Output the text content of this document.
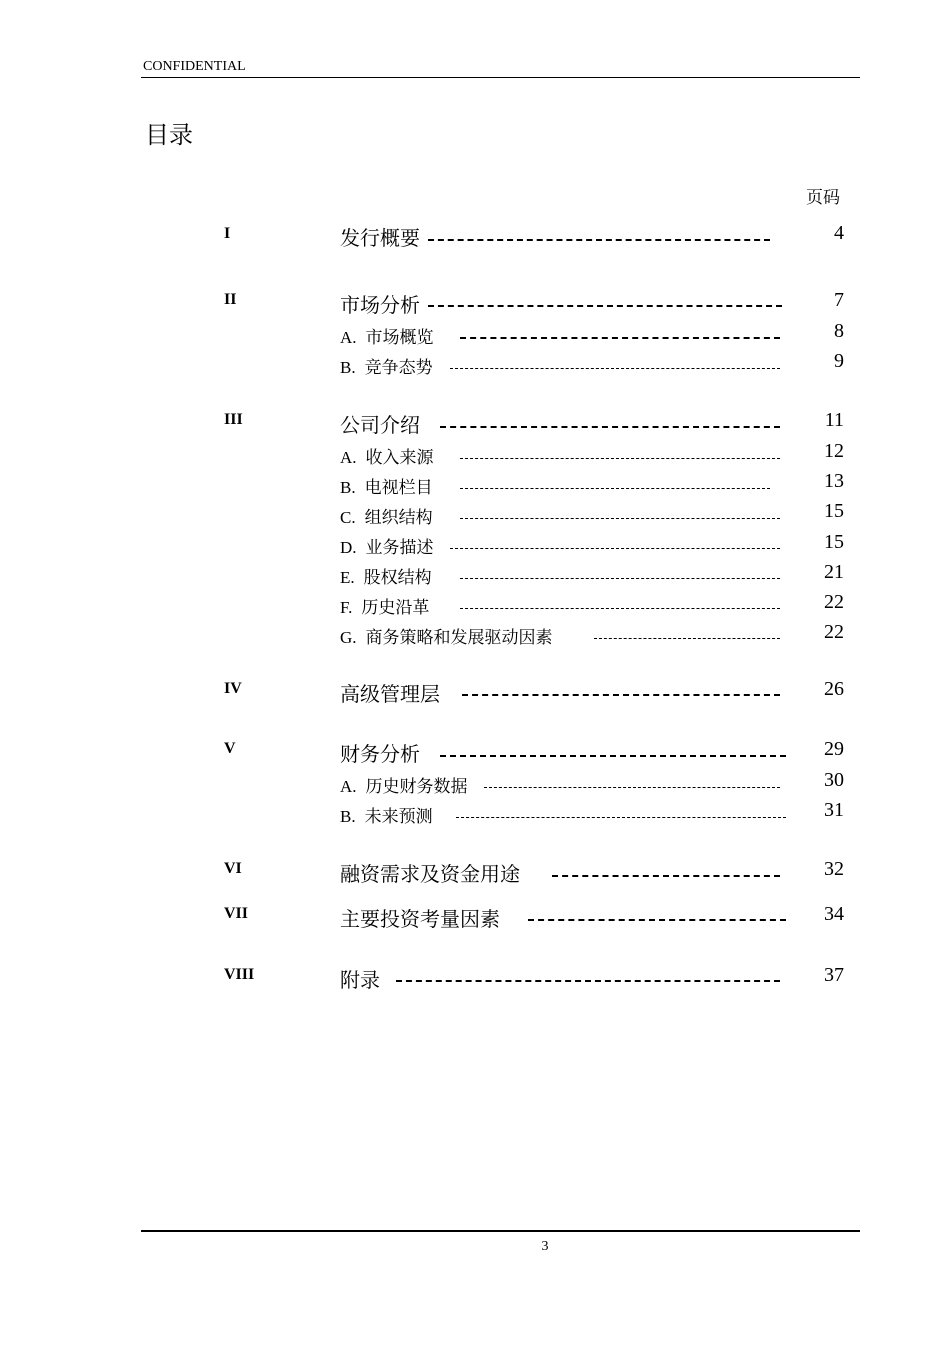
CONFIDENTIAL
目录
页码
I	发行概要	4
II	市场分析	7
A. 市场概览	8
B. 竞争态势	9
III	公司介绍	11
A. 收入来源	12
B. 电视栏目	13
C. 组织结构	15
D. 业务描述	15
E. 股权结构	21
F. 历史沿革	22
G. 商务策略和发展驱动因素	22
IV	高级管理层	26
V	财务分析	29
A. 历史财务数据	30
B. 未来预测	31
VI	融资需求及资金用途	32
VII	主要投资考量因素	34
VIII	附录	37
3
